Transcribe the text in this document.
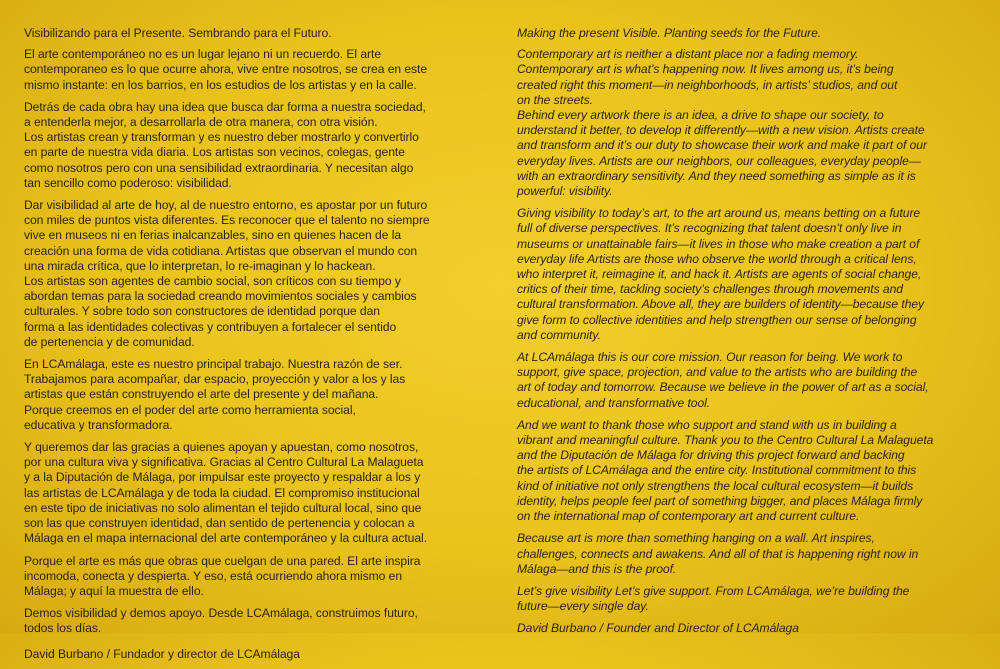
Visibilizando para el Presente. Sembrando para el Futuro.

El arte contemporáneo no es un lugar lejano ni un recuerdo. El arte
contemporaneo es lo que ocurre ahora, vive entre nosotros, se crea en este
mismo instante: en los barrios, en los estudios de los artistas y en la calle.

Detrás de cada obra hay una idea que busca dar forma a nuestra sociedad,
a entenderla mejor, a desarrollarla de otra manera, con otra visión.
Los artistas crean y transforman y es nuestro deber mostrarlo y convertirlo
en parte de nuestra vida diaria. Los artistas son vecinos, colegas, gente
como nosotros pero con una sensibilidad extraordinaria. Y necesitan algo
tan sencillo como poderoso: visibilidad.

Dar visibilidad al arte de hoy, al de nuestro entorno, es apostar por un futuro
con miles de puntos vista diferentes. Es reconocer que el talento no siempre
vive en museos ni en ferias inalcanzables, sino en quienes hacen de la
creación una forma de vida cotidiana. Artistas que observan el mundo con
una mirada crítica, que lo interpretan, lo re-imaginan y lo hackean.
Los artistas son agentes de cambio social, son críticos con su tiempo y
abordan temas para la sociedad creando movimientos sociales y cambios
culturales. Y sobre todo son constructores de identidad porque dan
forma a las identidades colectivas y contribuyen a fortalecer el sentido
de pertenencia y de comunidad.

En LCAmálaga, este es nuestro principal trabajo. Nuestra razón de ser.
Trabajamos para acompañar, dar espacio, proyección y valor a los y las
artistas que están construyendo el arte del presente y del mañana.
Porque creemos en el poder del arte como herramienta social,
educativa y transformadora.

Y queremos dar las gracias a quienes apoyan y apuestan, como nosotros,
por una cultura viva y significativa. Gracias al Centro Cultural La Malagueta
y a la Diputación de Málaga, por impulsar este proyecto y respaldar a los y
las artistas de LCAmálaga y de toda la ciudad. El compromiso institucional
en este tipo de iniciativas no solo alimentan el tejido cultural local, sino que
son las que construyen identidad, dan sentido de pertenencia y colocan a
Málaga en el mapa internacional del arte contemporáneo y la cultura actual.

Porque el arte es más que obras que cuelgan de una pared. El arte inspira
incomoda, conecta y despierta. Y eso, está ocurriendo ahora mismo en
Málaga; y aquí la muestra de ello.

Demos visibilidad y demos apoyo. Desde LCAmálaga, construimos futuro,
todos los días.

David Burbano / Fundador y director de LCAmálaga

Making the present Visible. Planting seeds for the Future.

Contemporary art is neither a distant place nor a fading memory.
Contemporary art is what’s happening now. It lives among us, it’s being
created right this moment—in neighborhoods, in artists’ studios, and out
on the streets.
Behind every artwork there is an idea, a drive to shape our society, to
understand it better, to develop it differently—with a new vision. Artists create
and transform and it’s our duty to showcase their work and make it part of our
everyday lives. Artists are our neighbors, our colleagues, everyday people—
with an extraordinary sensitivity. And they need something as simple as it is
powerful: visibility.

Giving visibility to today’s art, to the art around us, means betting on a future
full of diverse perspectives. It’s recognizing that talent doesn’t only live in
museums or unattainable fairs—it lives in those who make creation a part of
everyday life Artists are those who observe the world through a critical lens,
who interpret it, reimagine it, and hack it. Artists are agents of social change,
critics of their time, tackling society’s challenges through movements and
cultural transformation. Above all, they are builders of identity—because they
give form to collective identities and help strengthen our sense of belonging
and community.

At LCAmálaga this is our core mission. Our reason for being. We work to
support, give space, projection, and value to the artists who are building the
art of today and tomorrow. Because we believe in the power of art as a social,
educational, and transformative tool.

And we want to thank those who support and stand with us in building a
vibrant and meaningful culture. Thank you to the Centro Cultural La Malagueta
and the Diputación de Málaga for driving this project forward and backing
the artists of LCAmálaga and the entire city. Institutional commitment to this
kind of initiative not only strengthens the local cultural ecosystem—it builds
identity, helps people feel part of something bigger, and places Málaga firmly
on the international map of contemporary art and current culture.

Because art is more than something hanging on a wall. Art inspires,
challenges, connects and awakens. And all of that is happening right now in
Málaga—and this is the proof.

Let’s give visibility Let’s give support. From LCAmálaga, we’re building the
future—every single day.

David Burbano / Founder and Director of LCAmálaga
